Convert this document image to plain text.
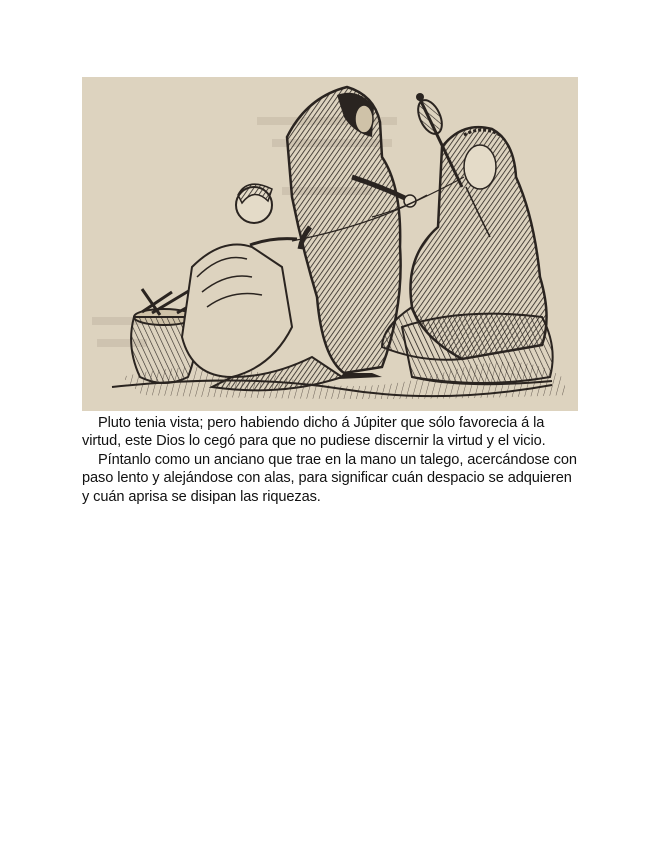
Pluto tenia vista; pero habiendo dicho á Júpiter que sólo favorecia á la virtud, este Dios lo cegó para que no pudiese discernir la virtud y el vicio.

Píntanlo como un anciano que trae en la mano un talego, acercándose con paso lento y alejándose con alas, para significar cuán despacio se adquieren y cuán aprisa se disipan las riquezas.
